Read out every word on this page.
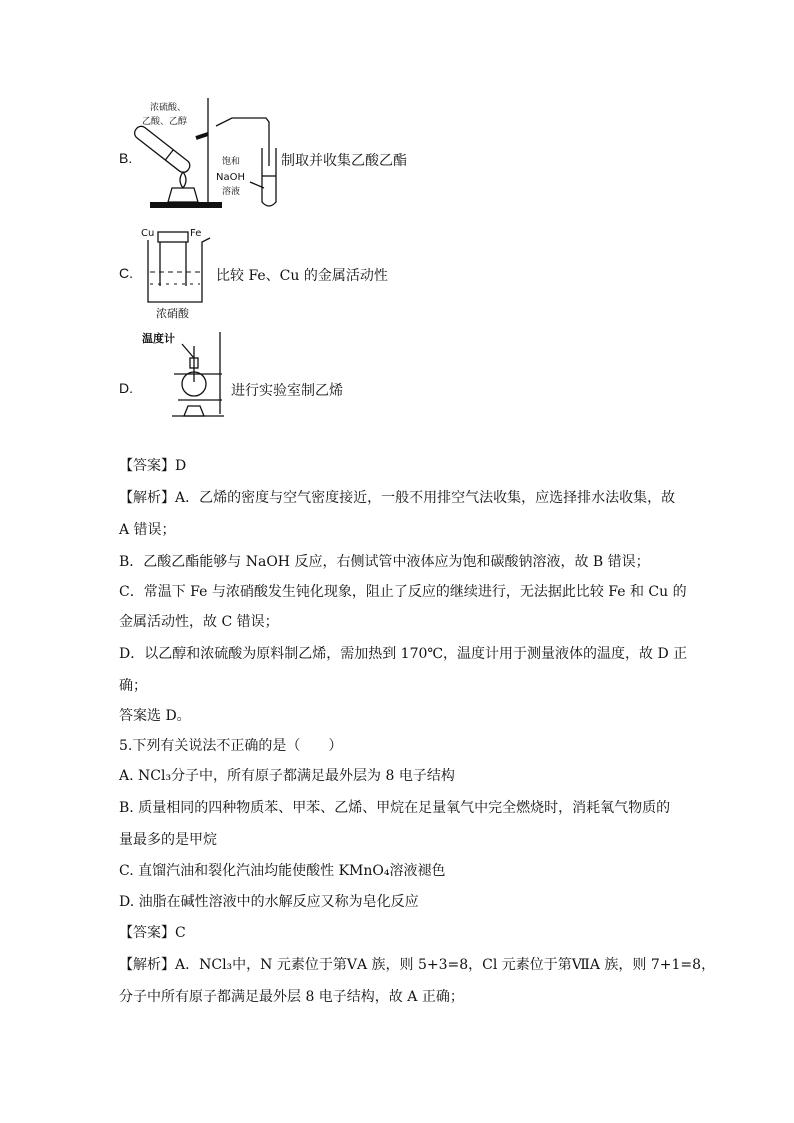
B.
浓硫酸、
乙酸、乙醇
饱和
NaOH
溶液
制取并收集乙酸乙酯
C.
Cu	Fe
浓硝酸
比较 Fe、Cu 的金属活动性
D.
温度计
进行实验室制乙烯
【答案】D
【解析】A．乙烯的密度与空气密度接近，一般不用排空气法收集，应选择排水法收集，故
A 错误；
B．乙酸乙酯能够与 NaOH 反应，右侧试管中液体应为饱和碳酸钠溶液，故 B 错误；
C．常温下 Fe 与浓硝酸发生钝化现象，阻止了反应的继续进行，无法据此比较 Fe 和 Cu 的
金属活动性，故 C 错误；
D．以乙醇和浓硫酸为原料制乙烯，需加热到 170℃，温度计用于测量液体的温度，故 D 正
确；
答案选 D。
5.下列有关说法不正确的是（　　）
A. NCl₃分子中，所有原子都满足最外层为 8 电子结构
B. 质量相同的四种物质苯、甲苯、乙烯、甲烷在足量氧气中完全燃烧时，消耗氧气物质的
量最多的是甲烷
C. 直馏汽油和裂化汽油均能使酸性 KMnO₄溶液褪色
D. 油脂在碱性溶液中的水解反应又称为皂化反应
【答案】C
【解析】A．NCl₃中，N 元素位于第ⅤA 族，则 5+3=8，Cl 元素位于第ⅦA 族，则 7+1=8，
分子中所有原子都满足最外层 8 电子结构，故 A 正确；
